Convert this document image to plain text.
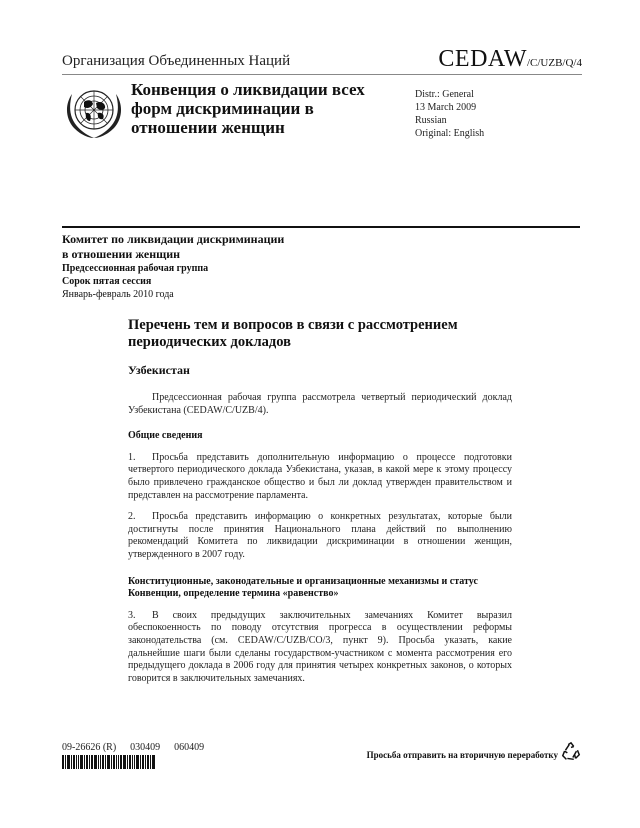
Организация Объединенных Наций	CEDAW/C/UZB/Q/4
Конвенция о ликвидации всех
форм дискриминации в
отношении женщин
Distr.: General
13 March 2009
Russian
Original: English
Комитет по ликвидации дискриминации
в отношении женщин
Предсессионная рабочая группа
Сорок пятая сессия
Январь-февраль 2010 года
Перечень тем и вопросов в связи с рассмотрением периодических докладов
Узбекистан

Предсессионная рабочая группа рассмотрела четвертый периодический доклад Узбекистана (CEDAW/C/UZB/4).

Общие сведения

1. Просьба представить дополнительную информацию о процессе подготовки четвертого периодического доклада Узбекистана, указав, в какой мере к этому процессу было привлечено гражданское общество и был ли доклад утвержден правительством и представлен на рассмотрение парламента.

2. Просьба представить информацию о конкретных результатах, которые были достигнуты после принятия Национального плана действий по выполнению рекомендаций Комитета по ликвидации дискриминации в отношении женщин, утвержденного в 2007 году.

Конституционные, законодательные и организационные механизмы и статус Конвенции, определение термина «равенство»

3. В своих предыдущих заключительных замечаниях Комитет выразил обеспокоенность по поводу отсутствия прогресса в осуществлении реформы законодательства (см. CEDAW/C/UZB/CO/3, пункт 9). Просьба указать, какие дальнейшие шаги были сделаны государством-участником с момента рассмотрения его предыдущего доклада в 2006 году для принятия четырех конкретных законов, о которых говорится в заключительных замечаниях.

09-26626 (R) 030409 060409
Просьба отправить на вторичную переработку
